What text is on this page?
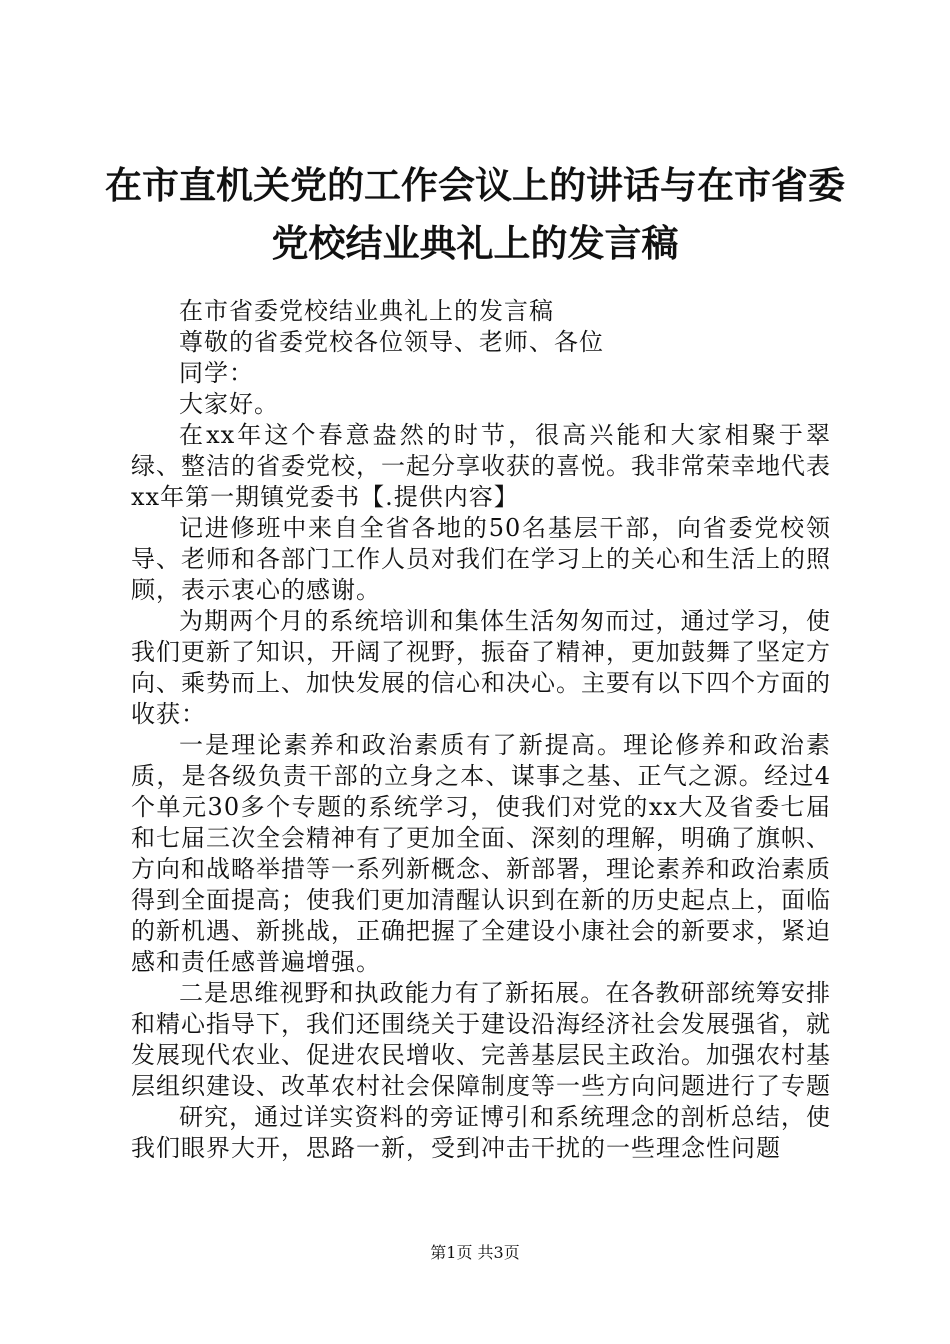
在市直机关党的工作会议上的讲话与在市省委
党校结业典礼上的发言稿

在市省委党校结业典礼上的发言稿

尊敬的省委党校各位领导、老师、各位

同学：

大家好。

在xx年这个春意盎然的时节，很高兴能和大家相聚于翠绿、整洁的省委党校，一起分享收获的喜悦。我非常荣幸地代表xx年第一期镇党委书【.提供内容】

记进修班中来自全省各地的50名基层干部，向省委党校领导、老师和各部门工作人员对我们在学习上的关心和生活上的照顾，表示衷心的感谢。

为期两个月的系统培训和集体生活匆匆而过，通过学习，使我们更新了知识，开阔了视野，振奋了精神，更加鼓舞了坚定方向、乘势而上、加快发展的信心和决心。主要有以下四个方面的收获：

一是理论素养和政治素质有了新提高。理论修养和政治素质，是各级负责干部的立身之本、谋事之基、正气之源。经过4个单元30多个专题的系统学习，使我们对党的xx大及省委七届和七届三次全会精神有了更加全面、深刻的理解，明确了旗帜、方向和战略举措等一系列新概念、新部署，理论素养和政治素质得到全面提高；使我们更加清醒认识到在新的历史起点上，面临的新机遇、新挑战，正确把握了全建设小康社会的新要求，紧迫感和责任感普遍增强。

二是思维视野和执政能力有了新拓展。在各教研部统筹安排和精心指导下，我们还围绕关于建设沿海经济社会发展强省，就发展现代农业、促进农民增收、完善基层民主政治。加强农村基层组织建设、改革农村社会保障制度等一些方向问题进行了专题

研究，通过详实资料的旁证博引和系统理念的剖析总结，使我们眼界大开，思路一新，受到冲击干扰的一些理念性问题

第1页 共3页
